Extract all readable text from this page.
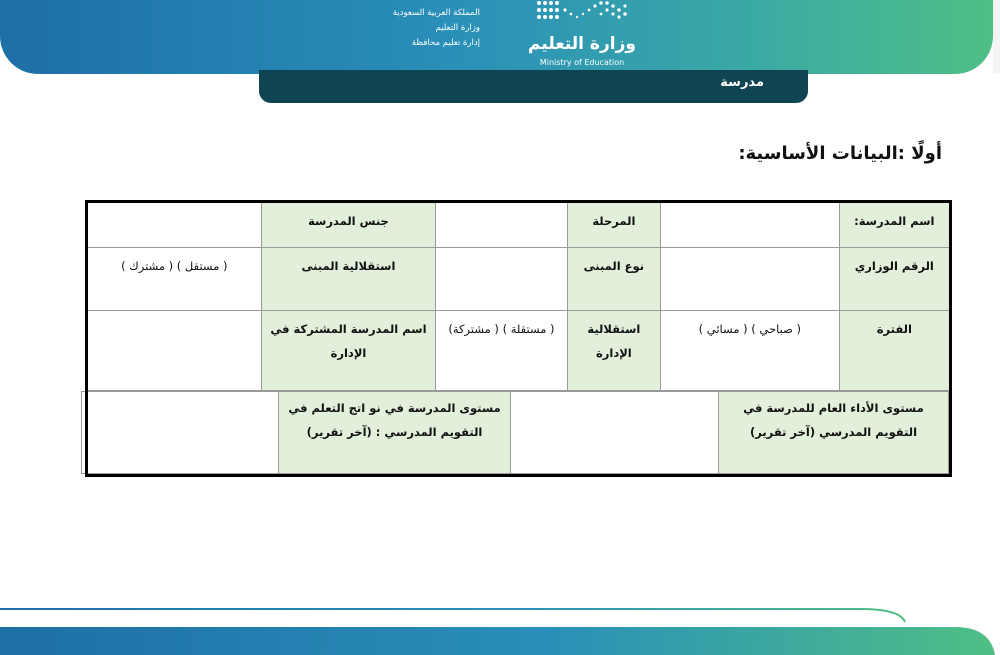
المملكة العربية السعودية
وزارة التعليم
إدارة تعليم محافظة	وزارة التعليم
Ministry of Education
مدرسة
أولًا :البيانات الأساسية:
اسم المدرسة:		المرحلة		جنس المدرسة	
الرقم الوزاري		نوع المبنى		استقلالية المبنى	( مستقل ) ( مشترك )
الفترة	( صباحي ) ( مسائي )	استقلالية الإدارة	( مستقلة ) ( مشتركة)	اسم المدرسة المشتركة في الإدارة	

مستوى الأداء العام للمدرسة في التقويم المدرسي (آخر تقرير)		مستوى المدرسة في نو اتج التعلم في التقويم المدرسي : (آخر تقرير)	
